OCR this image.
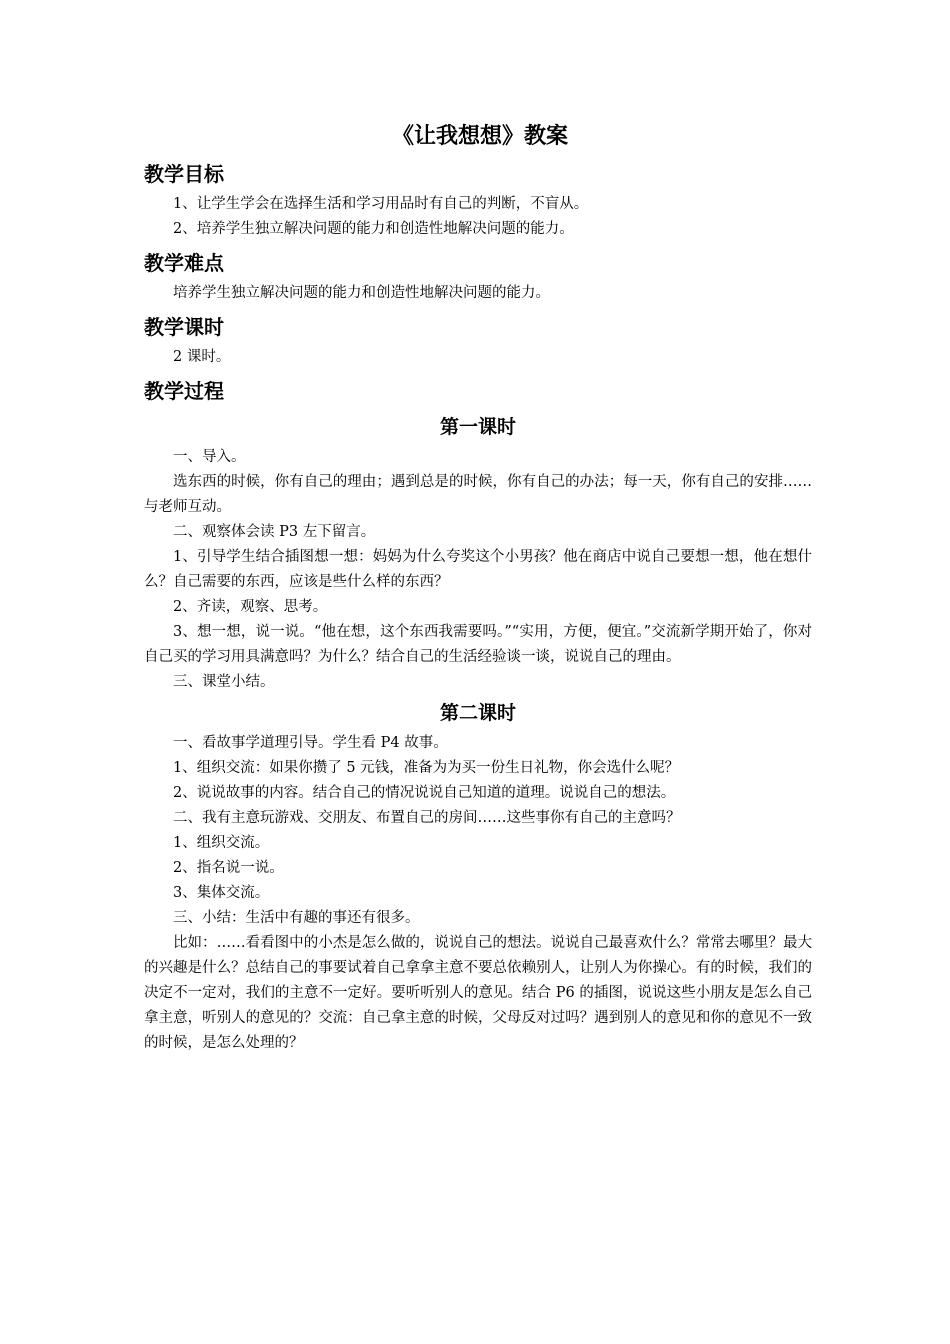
《让我想想》教案
教学目标

1、让学生学会在选择生活和学习用品时有自己的判断，不盲从。

2、培养学生独立解决问题的能力和创造性地解决问题的能力。

教学难点

培养学生独立解决问题的能力和创造性地解决问题的能力。

教学课时

2 课时。

教学过程
第一课时

一、导入。

选东西的时候，你有自己的理由；遇到总是的时候，你有自己的办法；每一天，你有自己的安排……与老师互动。

二、观察体会读 P3 左下留言。

1、引导学生结合插图想一想：妈妈为什么夸奖这个小男孩？他在商店中说自己要想一想，他在想什么？自己需要的东西，应该是些什么样的东西？

2、齐读，观察、思考。

3、想一想，说一说。“他在想，这个东西我需要吗。”“实用，方便，便宜。”交流新学期开始了，你对自己买的学习用具满意吗？为什么？结合自己的生活经验谈一谈，说说自己的理由。

三、课堂小结。

第二课时

一、看故事学道理引导。学生看 P4 故事。

1、组织交流：如果你攒了 5 元钱，准备为为买一份生日礼物，你会选什么呢？

2、说说故事的内容。结合自己的情况说说自己知道的道理。说说自己的想法。

二、我有主意玩游戏、交朋友、布置自己的房间……这些事你有自己的主意吗？

1、组织交流。

2、指名说一说。

3、集体交流。

三、小结：生活中有趣的事还有很多。

比如：……看看图中的小杰是怎么做的，说说自己的想法。说说自己最喜欢什么？常常去哪里？最大的兴趣是什么？总结自己的事要试着自己拿拿主意不要总依赖别人，让别人为你操心。有的时候，我们的决定不一定对，我们的主意不一定好。要听听别人的意见。结合 P6 的插图，说说这些小朋友是怎么自己拿主意，听别人的意见的？交流：自己拿主意的时候，父母反对过吗？遇到别人的意见和你的意见不一致的时候，是怎么处理的？
